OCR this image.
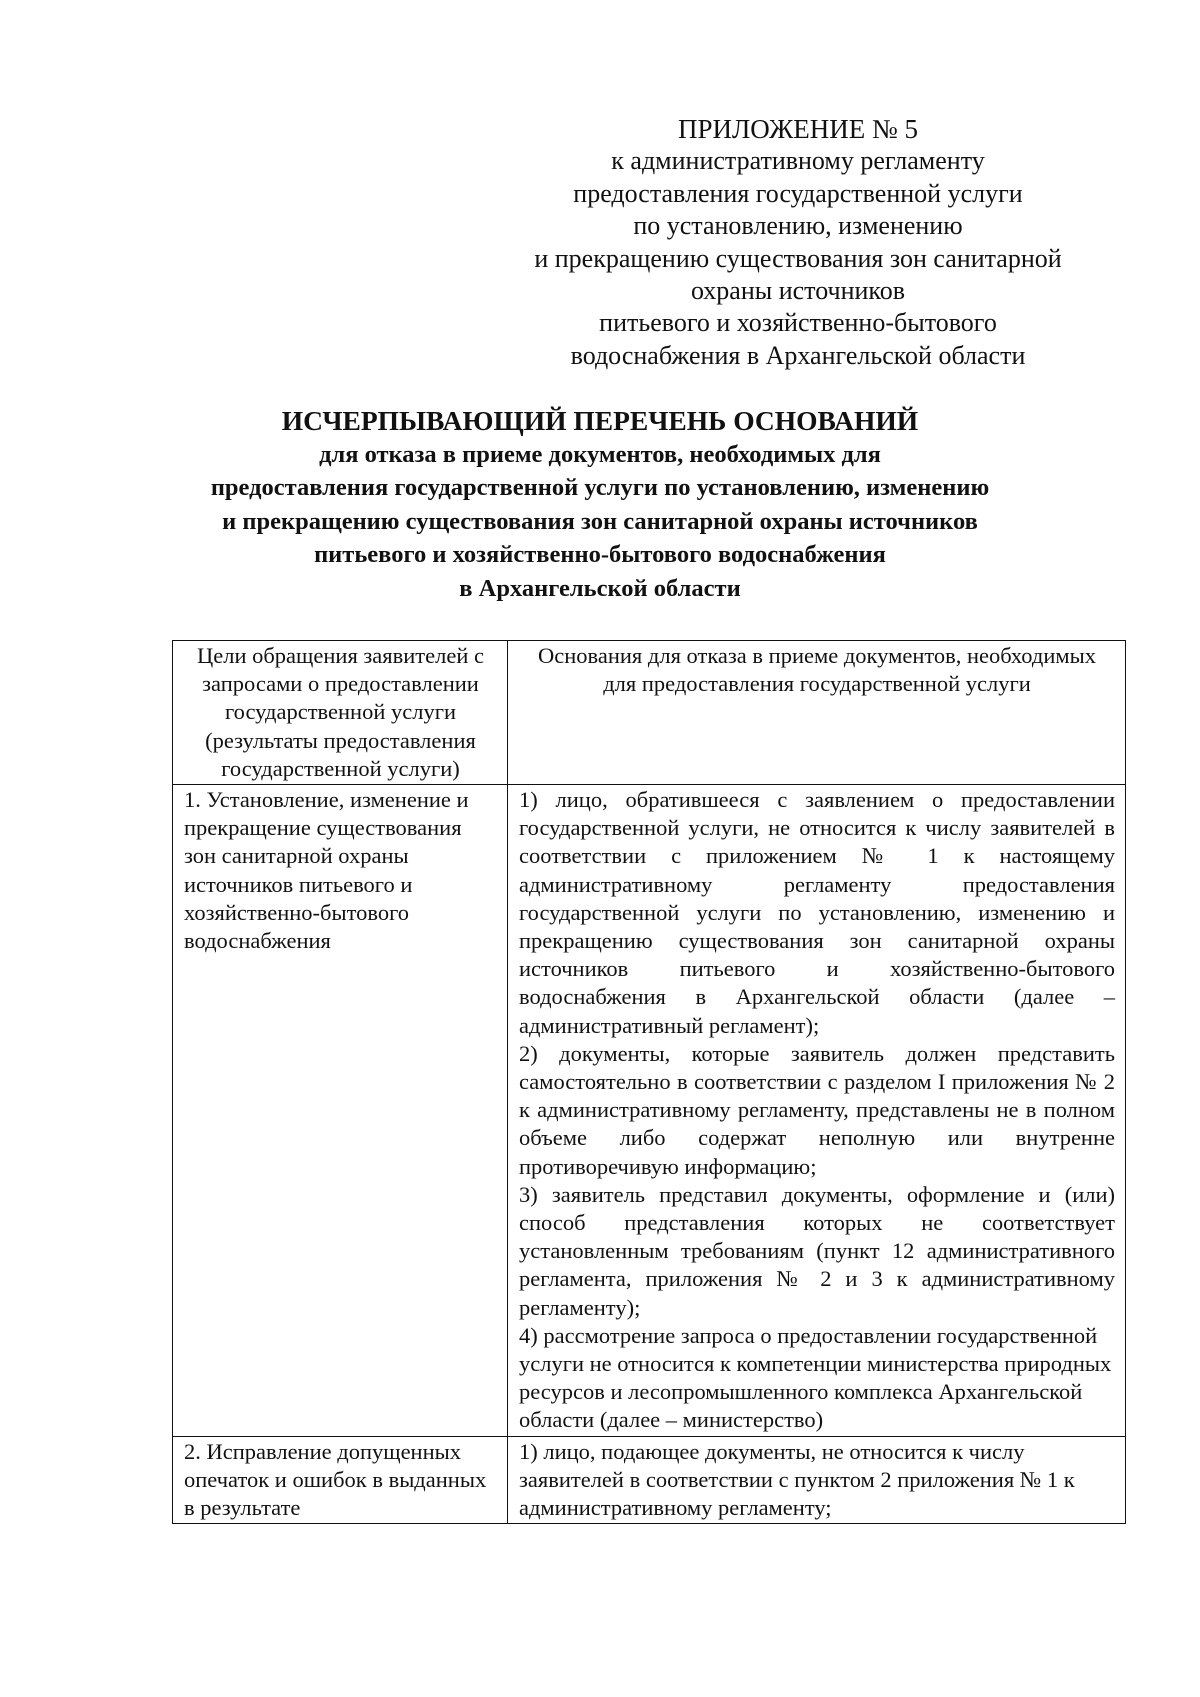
ПРИЛОЖЕНИЕ № 5
к административному регламенту
предоставления государственной услуги
по установлению, изменению
и прекращению существования зон санитарной
охраны источников
питьевого и хозяйственно-бытового
водоснабжения в Архангельской области
ИСЧЕРПЫВАЮЩИЙ ПЕРЕЧЕНЬ ОСНОВАНИЙ
для отказа в приеме документов, необходимых для
предоставления государственной услуги по установлению, изменению
и прекращению существования зон санитарной охраны источников
питьевого и хозяйственно-бытового водоснабжения
в Архангельской области
Цели обращения заявителей с запросами о предоставлении государственной услуги (результаты предоставления государственной услуги)	Основания для отказа в приеме документов, необходимых для предоставления государственной услуги
1. Установление, изменение и прекращение существования зон санитарной охраны источников питьевого и хозяйственно-бытового водоснабжения	1) лицо, обратившееся с заявлением о предоставлении государственной услуги, не относится к числу заявителей в соответствии с приложением № 1 к настоящему административному регламенту предоставления государственной услуги по установлению, изменению и прекращению существования зон санитарной охраны источников питьевого и хозяйственно-бытового водоснабжения в Архангельской области (далее – административный регламент);
2) документы, которые заявитель должен представить самостоятельно в соответствии с разделом I приложения № 2 к административному регламенту, представлены не в полном объеме либо содержат неполную или внутренне противоречивую информацию;
3) заявитель представил документы, оформление и (или) способ представления которых не соответствует установленным требованиям (пункт 12 административного регламента, приложения № 2 и 3 к административному регламенту);
4) рассмотрение запроса о предоставлении государственной услуги не относится к компетенции министерства природных ресурсов и лесопромышленного комплекса Архангельской области (далее – министерство)

2. Исправление допущенных опечаток и ошибок в выданных в результате	1) лицо, подающее документы, не относится к числу заявителей в соответствии с пунктом 2 приложения № 1 к административному регламенту;
